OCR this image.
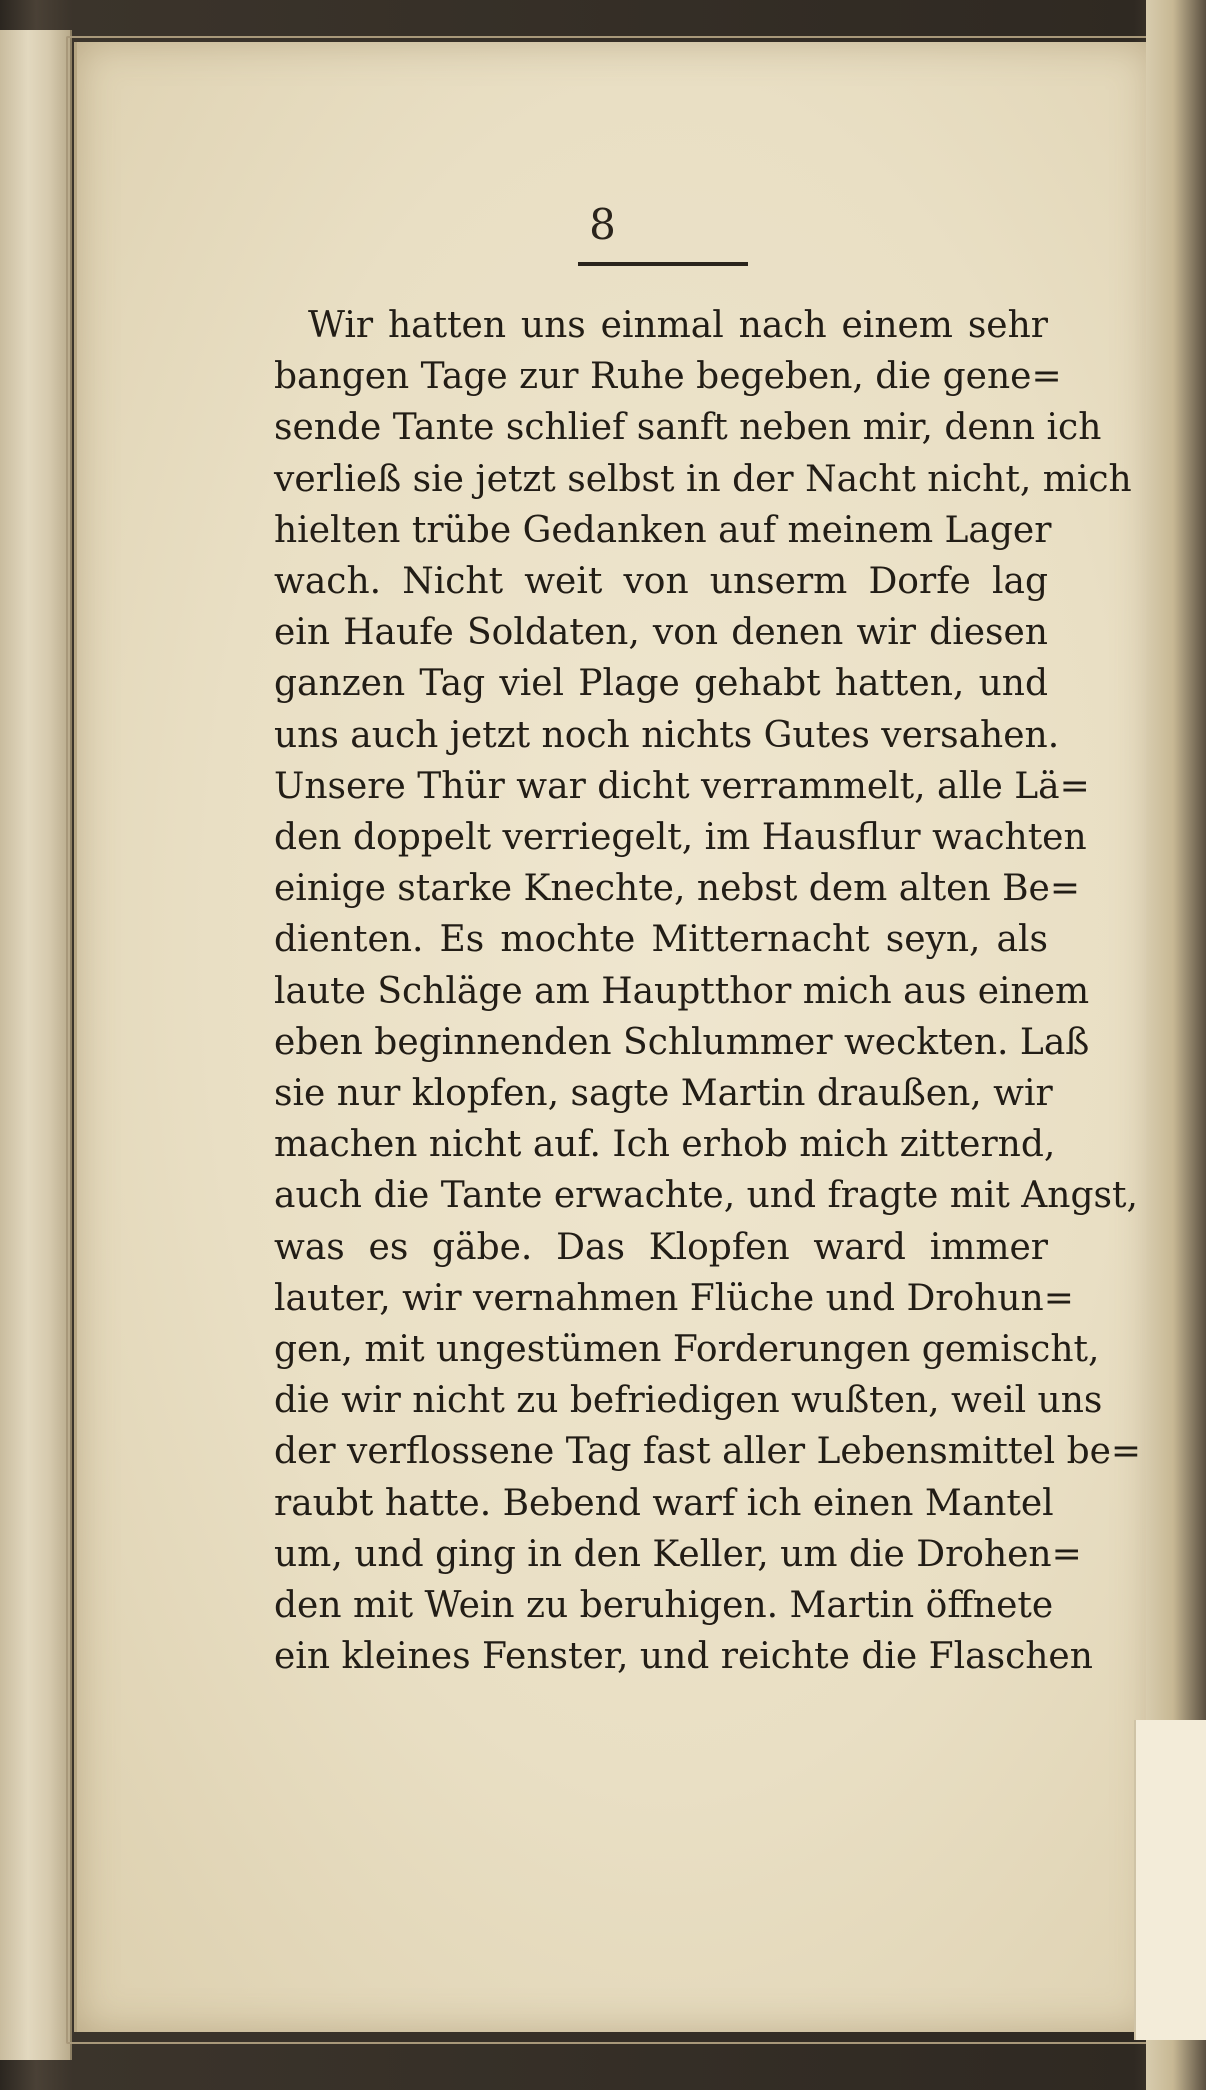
8
Wir hatten uns einmal nach einem sehr
bangen Tage zur Ruhe begeben, die gene=
sende Tante schlief sanft neben mir, denn ich
verließ sie jetzt selbst in der Nacht nicht, mich
hielten trübe Gedanken auf meinem Lager
wach. Nicht weit von unserm Dorfe lag
ein Haufe Soldaten, von denen wir diesen
ganzen Tag viel Plage gehabt hatten, und
uns auch jetzt noch nichts Gutes versahen.
Unsere Thür war dicht verrammelt, alle Lä=
den doppelt verriegelt, im Hausflur wachten
einige starke Knechte, nebst dem alten Be=
dienten. Es mochte Mitternacht seyn, als
laute Schläge am Hauptthor mich aus einem
eben beginnenden Schlummer weckten. Laß
sie nur klopfen, sagte Martin draußen, wir
machen nicht auf. Ich erhob mich zitternd,
auch die Tante erwachte, und fragte mit Angst,
was es gäbe. Das Klopfen ward immer
lauter, wir vernahmen Flüche und Drohun=
gen, mit ungestümen Forderungen gemischt,
die wir nicht zu befriedigen wußten, weil uns
der verflossene Tag fast aller Lebensmittel be=
raubt hatte. Bebend warf ich einen Mantel
um, und ging in den Keller, um die Drohen=
den mit Wein zu beruhigen. Martin öffnete
ein kleines Fenster, und reichte die Flaschen
